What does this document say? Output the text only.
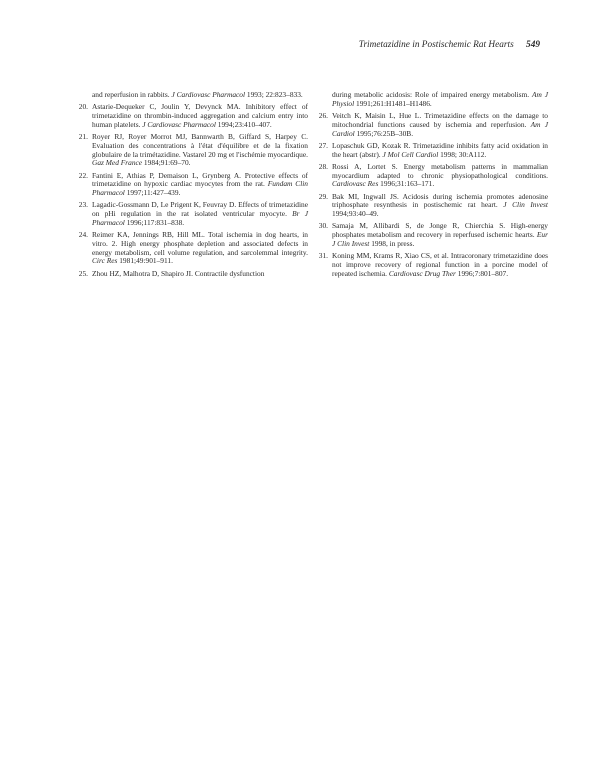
Trimetazidine in Postischemic Rat Hearts 549
and reperfusion in rabbits. J Cardiovasc Pharmacol 1993; 22:823–833.
20. Astarie-Dequeker C, Joulin Y, Devynck MA. Inhibitory effect of trimetazidine on thrombin-induced aggregation and calcium entry into human platelets. J Cardiovasc Pharmacol 1994;23:410–407.
21. Royer RJ, Royer Morrot MJ, Bannwarth B, Giffard S, Harpey C. Evaluation des concentrations à l'état d'équilibre et de la fixation globulaire de la trimétazidine. Vastarel 20 mg et l'ischémie myocardique. Gaz Med France 1984;91:69–70.
22. Fantini E, Athias P, Demaison L, Grynberg A. Protective effects of trimetazidine on hypoxic cardiac myocytes from the rat. Fundam Clin Pharmacol 1997;11:427–439.
23. Lagadic-Gossmann D, Le Prigent K, Feuvray D. Effects of trimetazidine on pHi regulation in the rat isolated ventricular myocyte. Br J Pharmacol 1996;117:831–838.
24. Reimer KA, Jennings RB, Hill ML. Total ischemia in dog hearts, in vitro. 2. High energy phosphate depletion and associated defects in energy metabolism, cell volume regulation, and sarcolemmal integrity. Circ Res 1981;49:901–911.
25. Zhou HZ, Malhotra D, Shapiro JI. Contractile dysfunction
during metabolic acidosis: Role of impaired energy metabolism. Am J Physiol 1991;261:H1481–H1486.
26. Veitch K, Maisin L, Hue L. Trimetazidine effects on the damage to mitochondrial functions caused by ischemia and reperfusion. Am J Cardiol 1995;76:25B–30B.
27. Lopaschuk GD, Kozak R. Trimetazidine inhibits fatty acid oxidation in the heart (abstr). J Mol Cell Cardiol 1998; 30:A112.
28. Rossi A, Lortet S. Energy metabolism patterns in mammalian myocardium adapted to chronic physiopathological conditions. Cardiovasc Res 1996;31:163–171.
29. Bak MI, Ingwall JS. Acidosis during ischemia promotes adenosine triphosphate resynthesis in postischemic rat heart. J Clin Invest 1994;93:40–49.
30. Samaja M, Allibardi S, de Jonge R, Chierchia S. High-energy phosphates metabolism and recovery in reperfused ischemic hearts. Eur J Clin Invest 1998, in press.
31. Koning MM, Krams R, Xiao CS, et al. Intracoronary trimetazidine does not improve recovery of regional function in a porcine model of repeated ischemia. Cardiovasc Drug Ther 1996;7:801–807.
